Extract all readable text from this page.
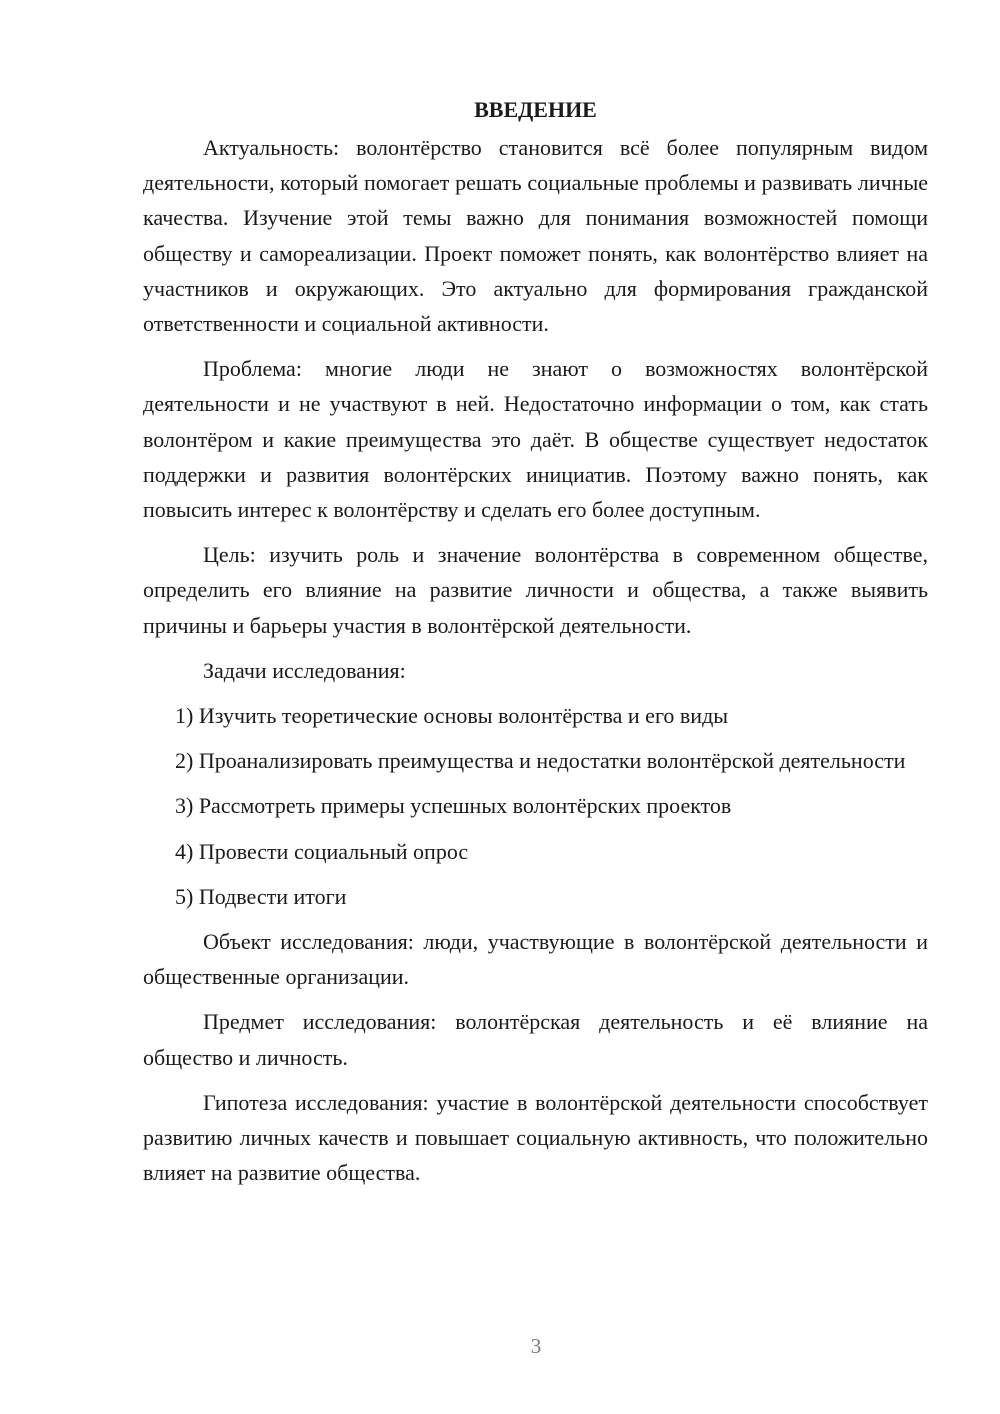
ВВЕДЕНИЕ

Актуальность: волонтёрство становится всё более популярным видом деятельности, который помогает решать социальные проблемы и развивать личные качества. Изучение этой темы важно для понимания возможностей помощи обществу и самореализации. Проект поможет понять, как волонтёрство влияет на участников и окружающих. Это актуально для формирования гражданской ответственности и социальной активности.

Проблема: многие люди не знают о возможностях волонтёрской деятельности и не участвуют в ней. Недостаточно информации о том, как стать волонтёром и какие преимущества это даёт. В обществе существует недостаток поддержки и развития волонтёрских инициатив. Поэтому важно понять, как повысить интерес к волонтёрству и сделать его более доступным.

Цель: изучить роль и значение волонтёрства в современном обществе, определить его влияние на развитие личности и общества, а также выявить причины и барьеры участия в волонтёрской деятельности.

Задачи исследования:

1) Изучить теоретические основы волонтёрства и его виды

2) Проанализировать преимущества и недостатки волонтёрской деятельности

3) Рассмотреть примеры успешных волонтёрских проектов

4) Провести социальный опрос

5) Подвести итоги

Объект исследования: люди, участвующие в волонтёрской деятельности и общественные организации.

Предмет исследования: волонтёрская деятельность и её влияние на общество и личность.

Гипотеза исследования: участие в волонтёрской деятельности способствует развитию личных качеств и повышает социальную активность, что положительно влияет на развитие общества.

3
